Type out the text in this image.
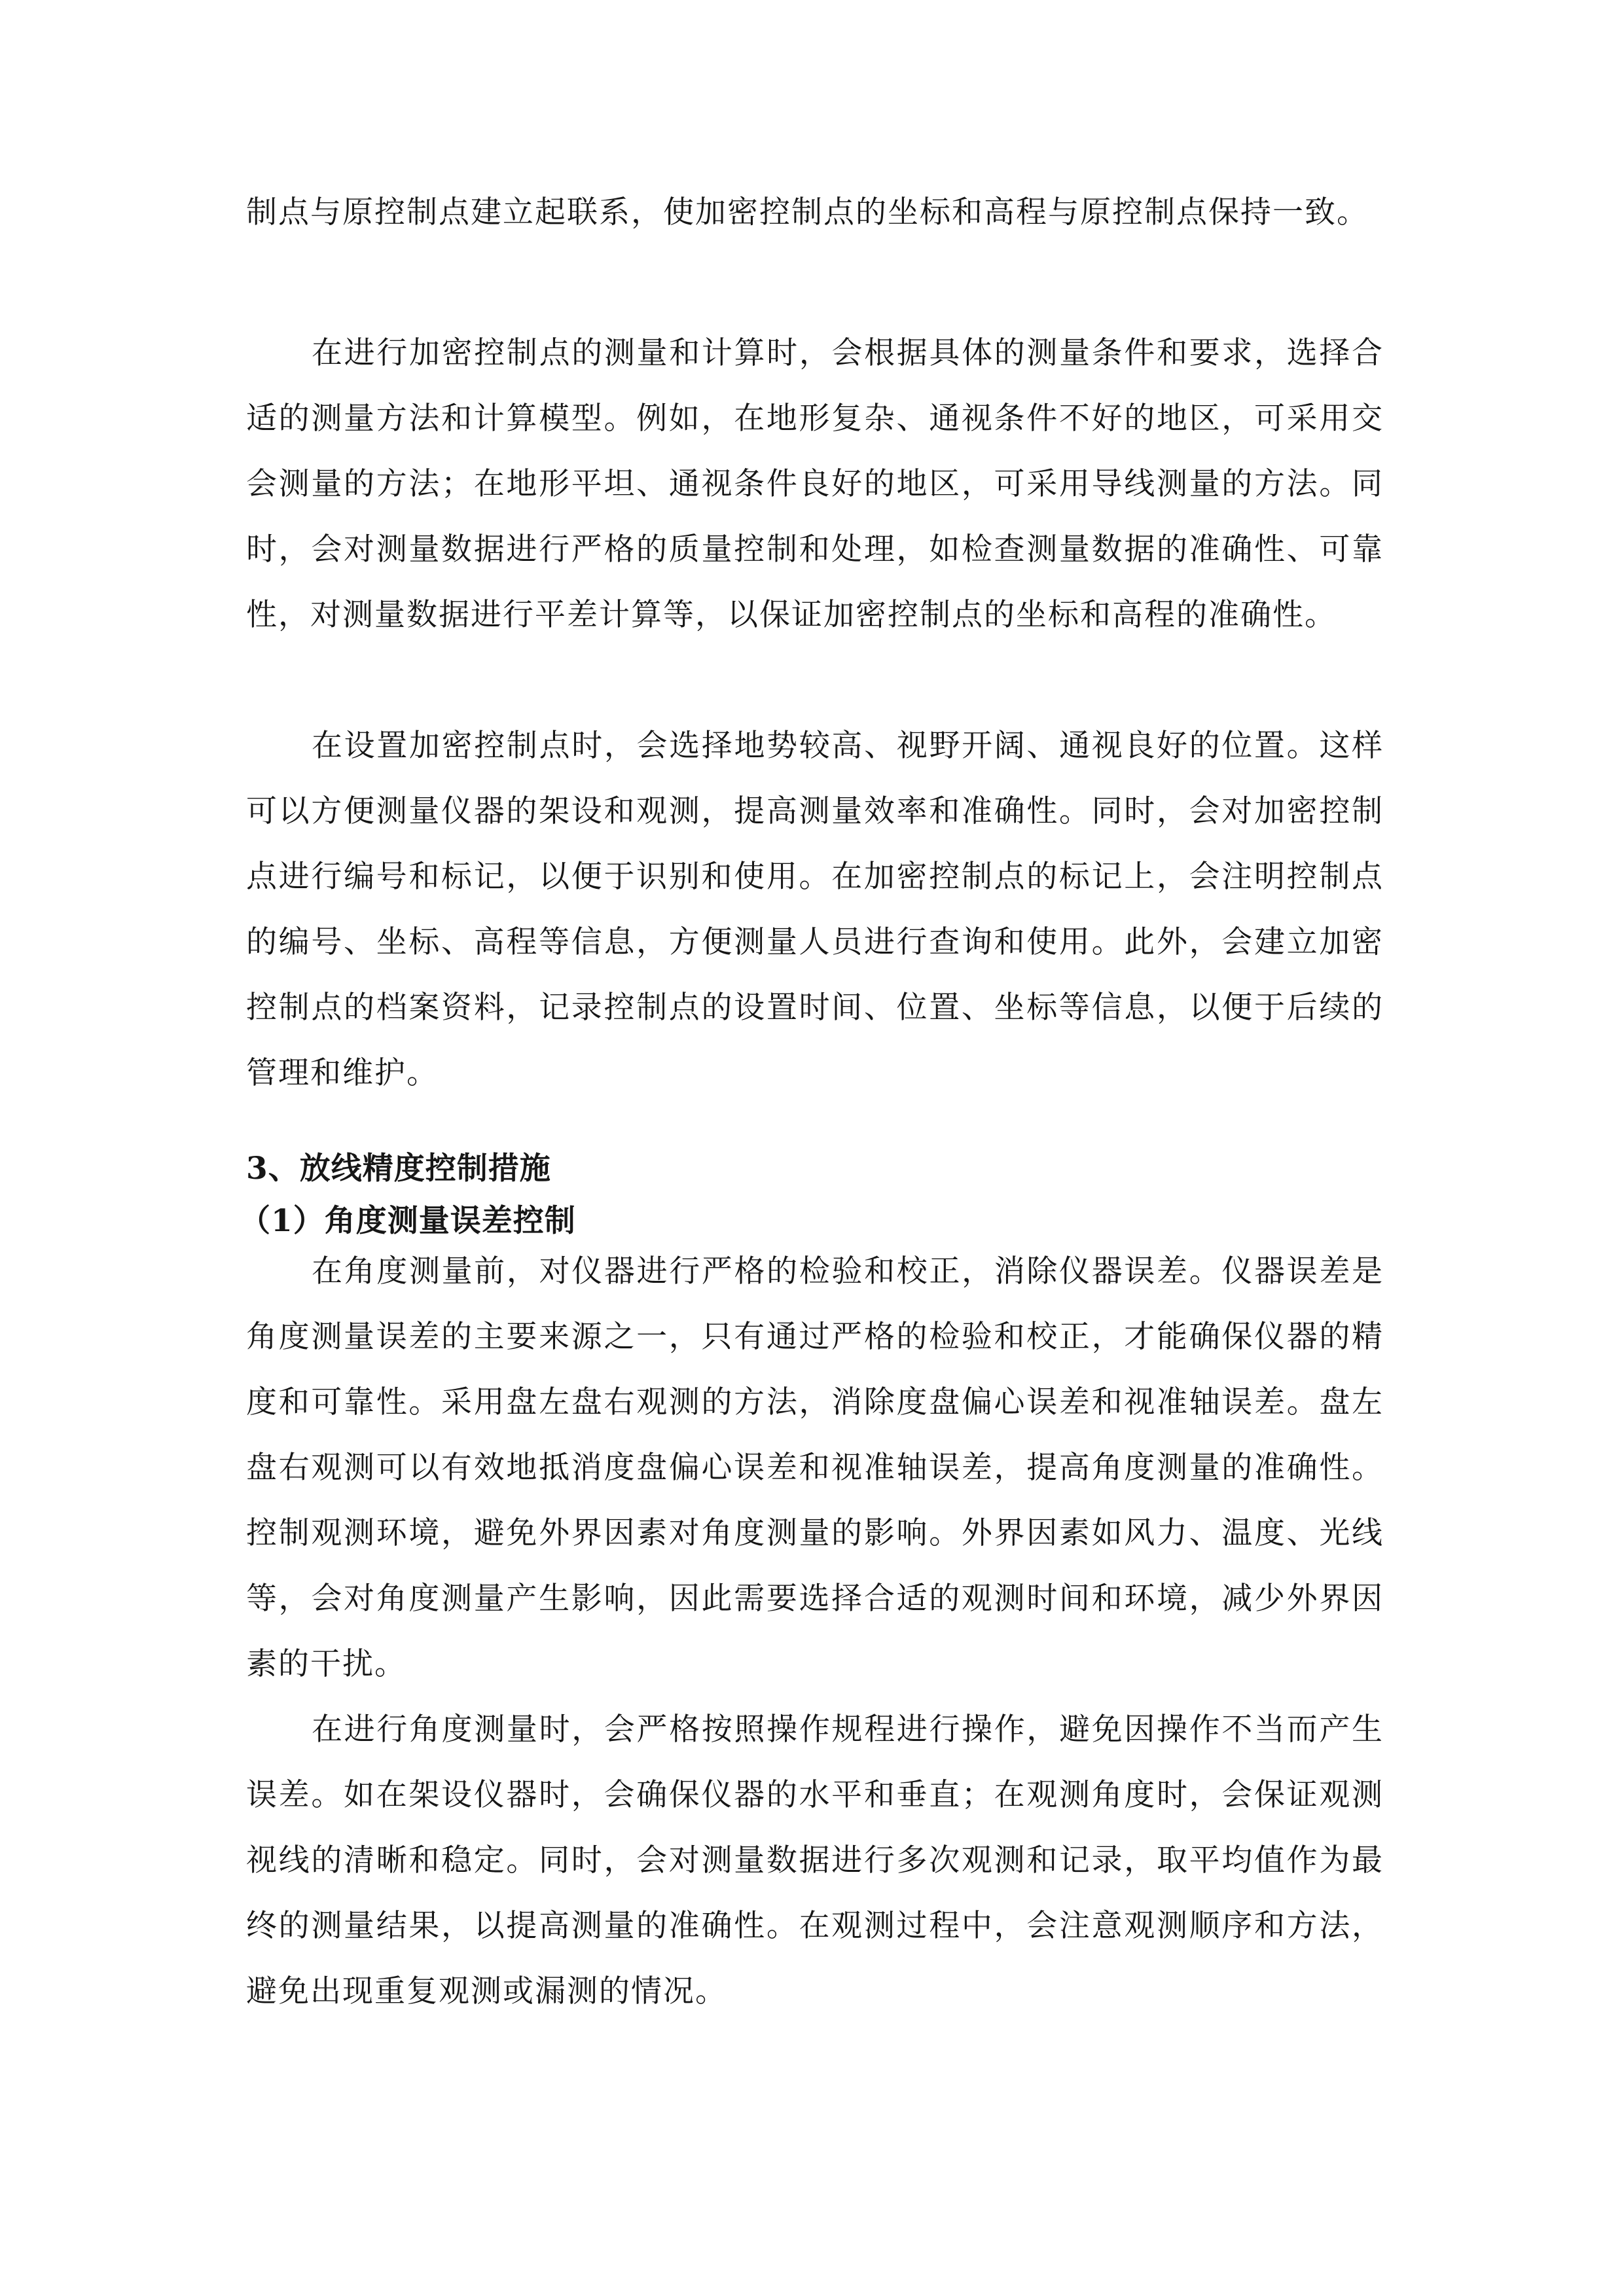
制点与原控制点建立起联系，使加密控制点的坐标和高程与原控制点保持一致。

在进行加密控制点的测量和计算时，会根据具体的测量条件和要求，选择合适的测量方法和计算模型。例如，在地形复杂、通视条件不好的地区，可采用交会测量的方法；在地形平坦、通视条件良好的地区，可采用导线测量的方法。同时，会对测量数据进行严格的质量控制和处理，如检查测量数据的准确性、可靠性，对测量数据进行平差计算等，以保证加密控制点的坐标和高程的准确性。

在设置加密控制点时，会选择地势较高、视野开阔、通视良好的位置。这样可以方便测量仪器的架设和观测，提高测量效率和准确性。同时，会对加密控制点进行编号和标记，以便于识别和使用。在加密控制点的标记上，会注明控制点的编号、坐标、高程等信息，方便测量人员进行查询和使用。此外，会建立加密控制点的档案资料，记录控制点的设置时间、位置、坐标等信息，以便于后续的管理和维护。

3、放线精度控制措施
（1）角度测量误差控制

在角度测量前，对仪器进行严格的检验和校正，消除仪器误差。仪器误差是角度测量误差的主要来源之一，只有通过严格的检验和校正，才能确保仪器的精度和可靠性。采用盘左盘右观测的方法，消除度盘偏心误差和视准轴误差。盘左盘右观测可以有效地抵消度盘偏心误差和视准轴误差，提高角度测量的准确性。控制观测环境，避免外界因素对角度测量的影响。外界因素如风力、温度、光线等，会对角度测量产生影响，因此需要选择合适的观测时间和环境，减少外界因素的干扰。

在进行角度测量时，会严格按照操作规程进行操作，避免因操作不当而产生误差。如在架设仪器时，会确保仪器的水平和垂直；在观测角度时，会保证观测视线的清晰和稳定。同时，会对测量数据进行多次观测和记录，取平均值作为最终的测量结果，以提高测量的准确性。在观测过程中，会注意观测顺序和方法，避免出现重复观测或漏测的情况。
